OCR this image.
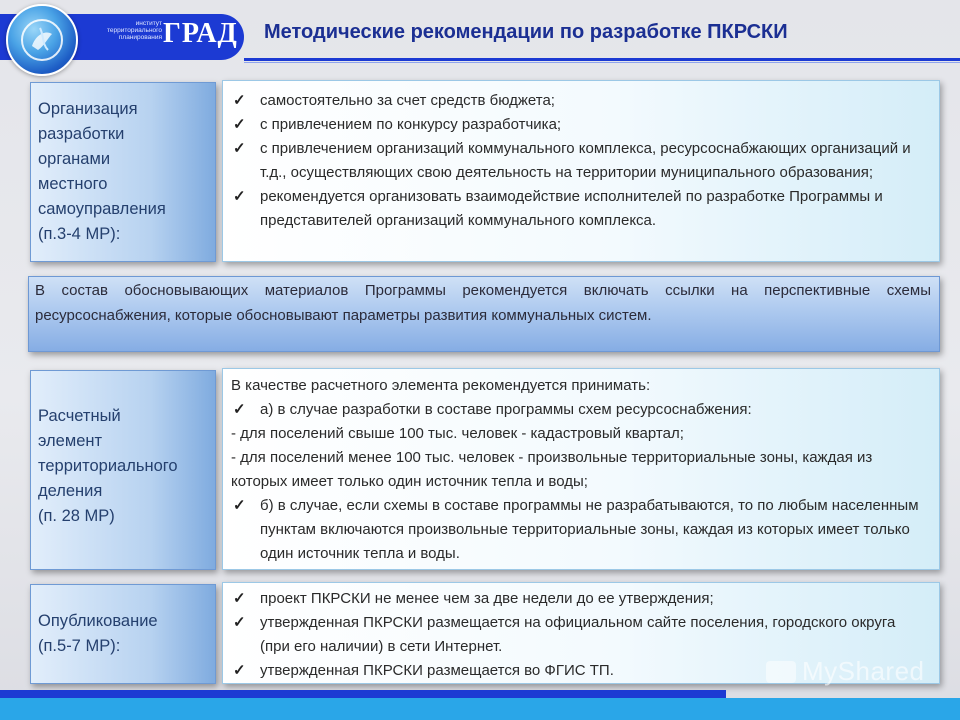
институт
территориального
планирования ГРАД Методические рекомендации по разработке ПКРСКИ
Организация
разработки
органами
местного
самоуправления
(п.3-4 МР):
✓ самостоятельно за счет средств бюджета;
✓ с привлечением по конкурсу разработчика;
✓ с привлечением организаций коммунального комплекса, ресурсоснабжающих организаций и т.д., осуществляющих свою деятельность на территории муниципального образования;
✓ рекомендуется организовать взаимодействие исполнителей по разработке Программы и представителей организаций коммунального комплекса.
В состав обосновывающих материалов Программы рекомендуется включать ссылки на перспективные схемы ресурсоснабжения, которые обосновывают параметры развития коммунальных систем.
Расчетный
элемент
территориального
деления
(п. 28 МР)
В качестве расчетного элемента рекомендуется принимать:
✓ а) в случае разработки в составе программы схем ресурсоснабжения:
- для поселений свыше 100 тыс. человек - кадастровый квартал;
- для поселений менее 100 тыс. человек - произвольные территориальные зоны, каждая из которых имеет только один источник тепла и воды;
✓ б) в случае, если схемы в составе программы не разрабатываются, то по любым населенным пунктам включаются произвольные территориальные зоны, каждая из которых имеет только один источник тепла и воды.
Опубликование
(п.5-7 МР):
✓ проект ПКРСКИ не менее чем за две недели до ее утверждения;
✓ утвержденная ПКРСКИ размещается на официальном сайте поселения, городского округа (при его наличии) в сети Интернет.
✓ утвержденная ПКРСКИ размещается во ФГИС ТП.	MyShared
